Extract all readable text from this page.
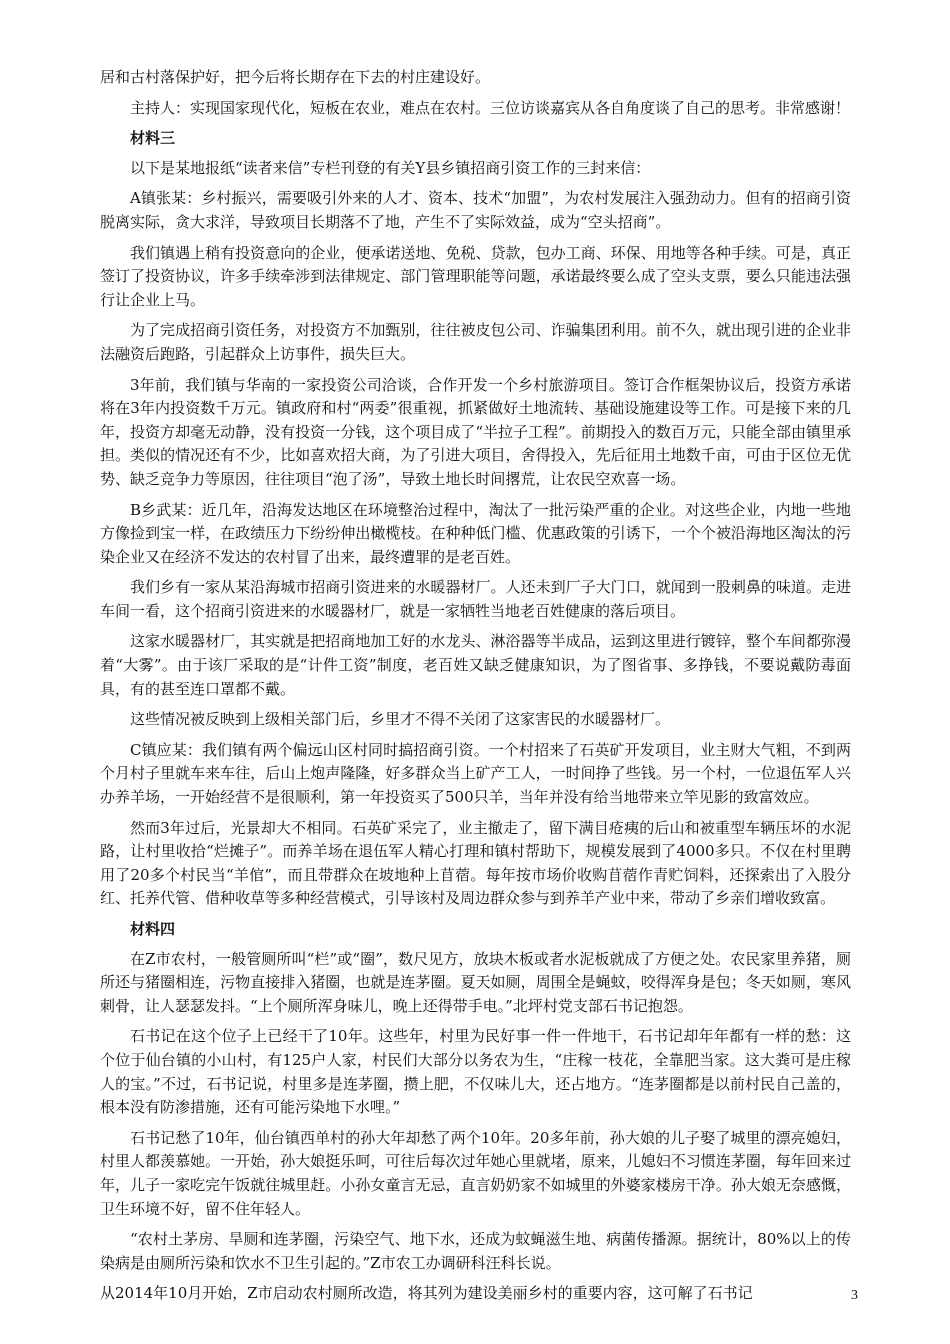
居和古村落保护好，把今后将长期存在下去的村庄建设好。

主持人：实现国家现代化，短板在农业，难点在农村。三位访谈嘉宾从各自角度谈了自己的思考。非常感谢！

材料三

以下是某地报纸“读者来信”专栏刊登的有关Y县乡镇招商引资工作的三封来信：

A镇张某：乡村振兴，需要吸引外来的人才、资本、技术“加盟”，为农村发展注入强劲动力。但有的招商引资脱离实际，贪大求洋，导致项目长期落不了地，产生不了实际效益，成为“空头招商”。

我们镇遇上稍有投资意向的企业，便承诺送地、免税、贷款，包办工商、环保、用地等各种手续。可是，真正签订了投资协议，许多手续牵涉到法律规定、部门管理职能等问题，承诺最终要么成了空头支票，要么只能违法强行让企业上马。

为了完成招商引资任务，对投资方不加甄别，往往被皮包公司、诈骗集团利用。前不久，就出现引进的企业非法融资后跑路，引起群众上访事件，损失巨大。

3年前，我们镇与华南的一家投资公司洽谈，合作开发一个乡村旅游项目。签订合作框架协议后，投资方承诺将在3年内投资数千万元。镇政府和村“两委”很重视，抓紧做好土地流转、基础设施建设等工作。可是接下来的几年，投资方却毫无动静，没有投资一分钱，这个项目成了“半拉子工程”。前期投入的数百万元，只能全部由镇里承担。类似的情况还有不少，比如喜欢招大商，为了引进大项目，舍得投入，先后征用土地数千亩，可由于区位无优势、缺乏竞争力等原因，往往项目“泡了汤”，导致土地长时间撂荒，让农民空欢喜一场。

B乡武某：近几年，沿海发达地区在环境整治过程中，淘汰了一批污染严重的企业。对这些企业，内地一些地方像捡到宝一样，在政绩压力下纷纷伸出橄榄枝。在种种低门槛、优惠政策的引诱下，一个个被沿海地区淘汰的污染企业又在经济不发达的农村冒了出来，最终遭罪的是老百姓。

我们乡有一家从某沿海城市招商引资进来的水暖器材厂。人还未到厂子大门口，就闻到一股刺鼻的味道。走进车间一看，这个招商引资进来的水暖器材厂，就是一家牺牲当地老百姓健康的落后项目。

这家水暖器材厂，其实就是把招商地加工好的水龙头、淋浴器等半成品，运到这里进行镀锌，整个车间都弥漫着“大雾”。由于该厂采取的是“计件工资”制度，老百姓又缺乏健康知识，为了图省事、多挣钱，不要说戴防毒面具，有的甚至连口罩都不戴。

这些情况被反映到上级相关部门后，乡里才不得不关闭了这家害民的水暖器材厂。

C镇应某：我们镇有两个偏远山区村同时搞招商引资。一个村招来了石英矿开发项目，业主财大气粗，不到两个月村子里就车来车往，后山上炮声隆隆，好多群众当上矿产工人，一时间挣了些钱。另一个村，一位退伍军人兴办养羊场，一开始经营不是很顺利，第一年投资买了500只羊，当年并没有给当地带来立竿见影的致富效应。

然而3年过后，光景却大不相同。石英矿采完了，业主撤走了，留下满目疮痍的后山和被重型车辆压坏的水泥路，让村里收拾“烂摊子”。而养羊场在退伍军人精心打理和镇村帮助下，规模发展到了4000多只。不仅在村里聘用了20多个村民当“羊倌”，而且带群众在坡地种上苜蓿。每年按市场价收购苜蓿作青贮饲料，还探索出了入股分红、托养代管、借种收草等多种经营模式，引导该村及周边群众参与到养羊产业中来，带动了乡亲们增收致富。

材料四

在Z市农村，一般管厕所叫“栏”或“圈”，数尺见方，放块木板或者水泥板就成了方便之处。农民家里养猪，厕所还与猪圈相连，污物直接排入猪圈，也就是连茅圈。夏天如厕，周围全是蝇蚊，咬得浑身是包；冬天如厕，寒风刺骨，让人瑟瑟发抖。“上个厕所浑身味儿，晚上还得带手电。”北坪村党支部石书记抱怨。

石书记在这个位子上已经干了10年。这些年，村里为民好事一件一件地干，石书记却年年都有一样的愁：这个位于仙台镇的小山村，有125户人家，村民们大部分以务农为生，“庄稼一枝花，全靠肥当家。这大粪可是庄稼人的宝。”不过，石书记说，村里多是连茅圈，攒上肥，不仅味儿大，还占地方。“连茅圈都是以前村民自己盖的，根本没有防渗措施，还有可能污染地下水哩。”

石书记愁了10年，仙台镇西单村的孙大年却愁了两个10年。20多年前，孙大娘的儿子娶了城里的漂亮媳妇，村里人都羡慕她。一开始，孙大娘挺乐呵，可往后每次过年她心里就堵，原来，儿媳妇不习惯连茅圈，每年回来过年，儿子一家吃完午饭就往城里赶。小孙女童言无忌，直言奶奶家不如城里的外婆家楼房干净。孙大娘无奈感慨，卫生环境不好，留不住年轻人。

“农村土茅房、旱厕和连茅圈，污染空气、地下水，还成为蚊蝇滋生地、病菌传播源。据统计，80%以上的传染病是由厕所污染和饮水不卫生引起的。”Z市农工办调研科汪科长说。

从2014年10月开始，Z市启动农村厕所改造，将其列为建设美丽乡村的重要内容，这可解了石书记	3
